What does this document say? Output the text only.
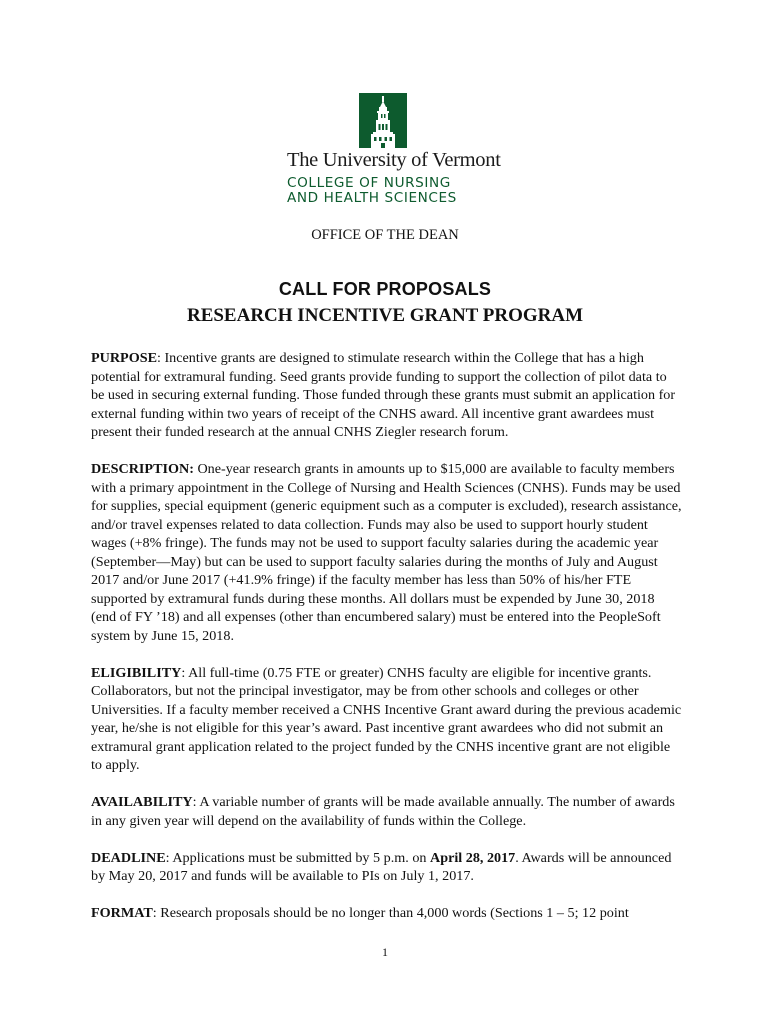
The University of Vermont
COLLEGE OF NURSING
AND HEALTH SCIENCES
OFFICE OF THE DEAN
CALL FOR PROPOSALS
RESEARCH INCENTIVE GRANT PROGRAM

PURPOSE: Incentive grants are designed to stimulate research within the College that has a high potential for extramural funding. Seed grants provide funding to support the collection of pilot data to be used in securing external funding. Those funded through these grants must submit an application for external funding within two years of receipt of the CNHS award. All incentive grant awardees must present their funded research at the annual CNHS Ziegler research forum.

DESCRIPTION: One-year research grants in amounts up to $15,000 are available to faculty members with a primary appointment in the College of Nursing and Health Sciences (CNHS). Funds may be used for supplies, special equipment (generic equipment such as a computer is excluded), research assistance, and/or travel expenses related to data collection. Funds may also be used to support hourly student wages (+8% fringe). The funds may not be used to support faculty salaries during the academic year (September—May) but can be used to support faculty salaries during the months of July and August 2017 and/or June 2017 (+41.9% fringe) if the faculty member has less than 50% of his/her FTE supported by extramural funds during these months. All dollars must be expended by June 30, 2018 (end of FY ’18) and all expenses (other than encumbered salary) must be entered into the PeopleSoft system by June 15, 2018.

ELIGIBILITY: All full-time (0.75 FTE or greater) CNHS faculty are eligible for incentive grants. Collaborators, but not the principal investigator, may be from other schools and colleges or other Universities. If a faculty member received a CNHS Incentive Grant award during the previous academic year, he/she is not eligible for this year’s award. Past incentive grant awardees who did not submit an extramural grant application related to the project funded by the CNHS incentive grant are not eligible to apply.

AVAILABILITY: A variable number of grants will be made available annually. The number of awards in any given year will depend on the availability of funds within the College.

DEADLINE: Applications must be submitted by 5 p.m. on April 28, 2017. Awards will be announced by May 20, 2017 and funds will be available to PIs on July 1, 2017.

FORMAT: Research proposals should be no longer than 4,000 words (Sections 1 – 5; 12 point

1
